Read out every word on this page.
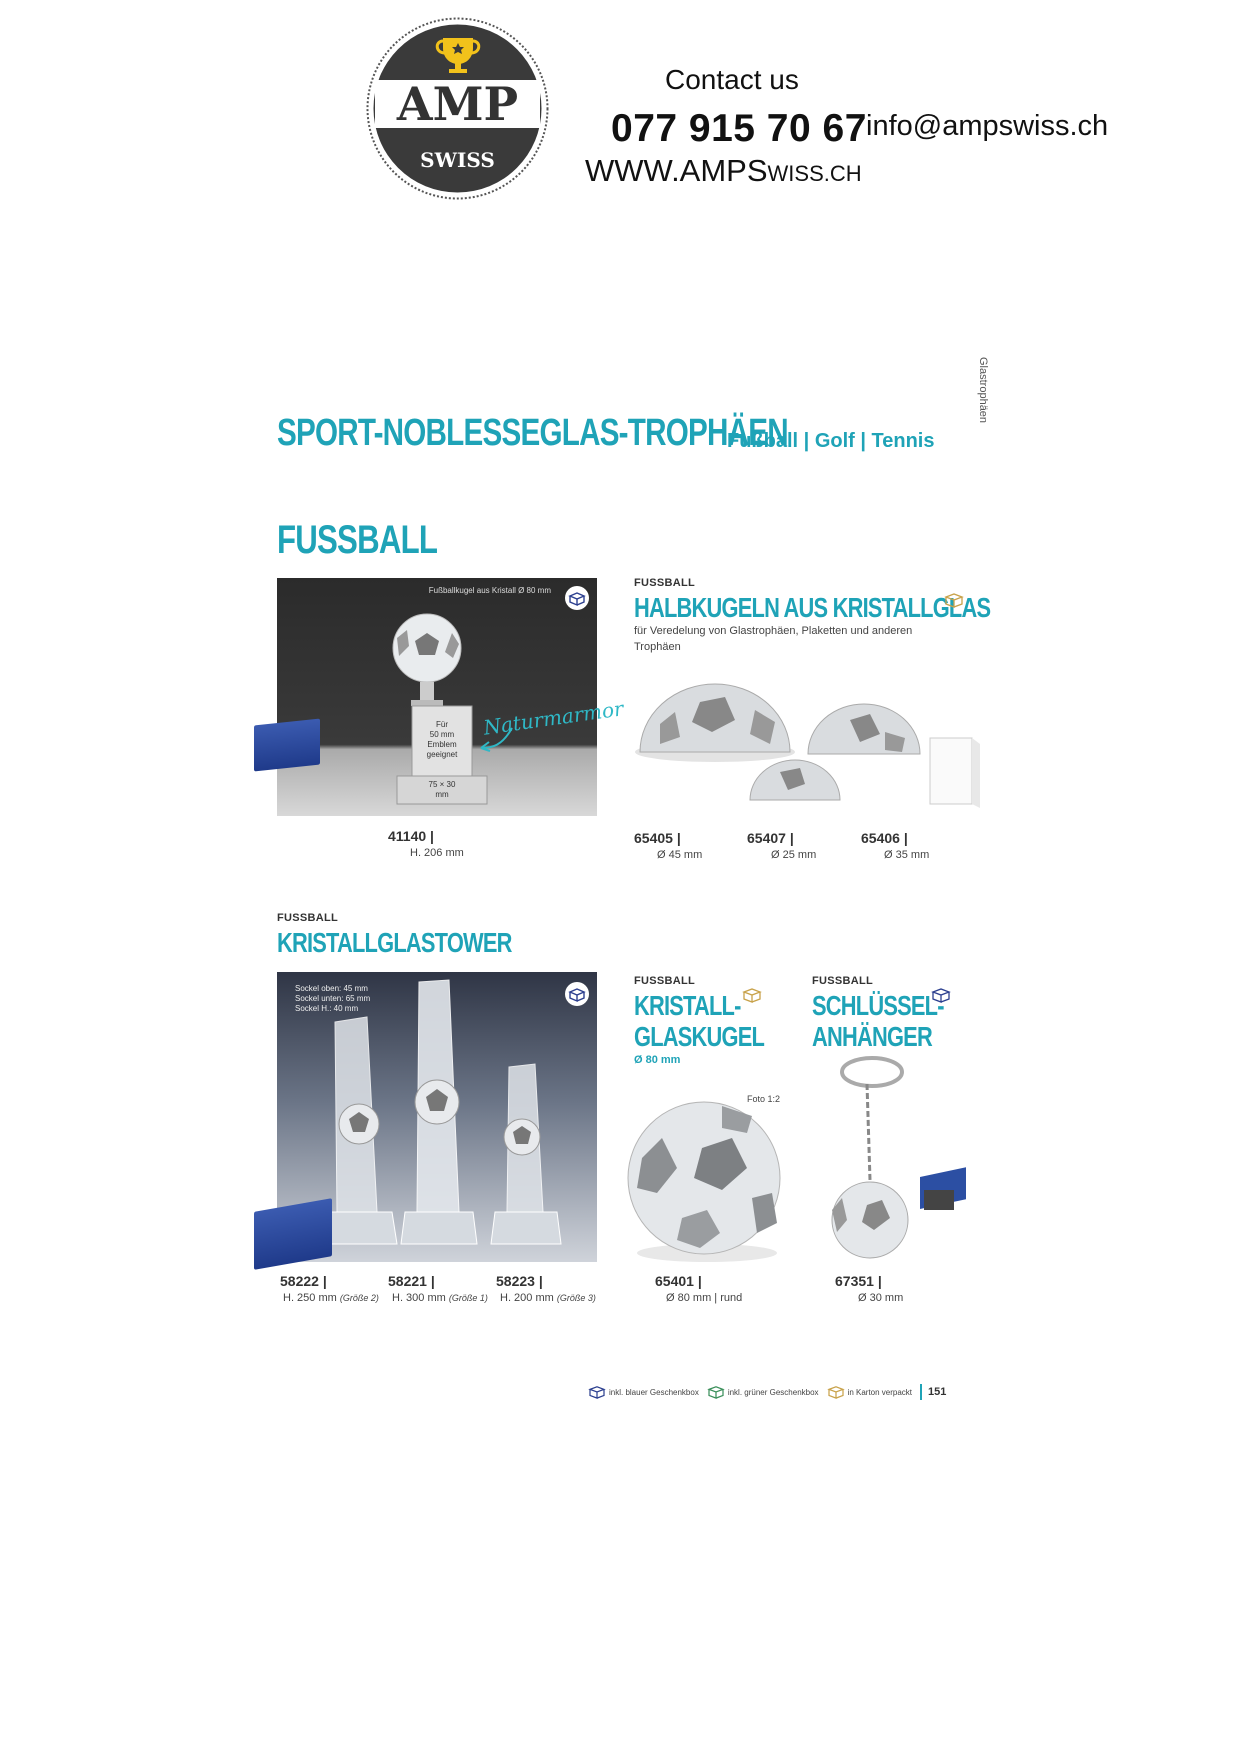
AMP
SWISS
Contact us
077 915 70 67 info@ampswiss.ch
WWW.AMPSWISS.CH
Glastrophäen
SPORT-NOBLESSEGLAS-TROPHÄEN
Fußball | Golf | Tennis
FUSSBALL
Fußballkugel aus Kristall Ø 80 mm
Für
50 mm
Emblem
geeignet
75 × 30
mm
Naturmarmor
41140 |
H. 206 mm
FUSSBALL
HALBKUGELN AUS KRISTALLGLAS
für Veredelung von Glastrophäen, Plaketten und anderen Trophäen
65405 |
Ø 45 mm
65407 |
Ø 25 mm
65406 |
Ø 35 mm
FUSSBALL
KRISTALLGLASTOWER
Sockel oben: 45 mm
Sockel unten: 65 mm
Sockel H.: 40 mm
58222 |
H. 250 mm (Größe 2)
58221 |
H. 300 mm (Größe 1)
58223 |
H. 200 mm (Größe 3)
FUSSBALL
KRISTALL-
GLASKUGEL
Ø 80 mm
Foto 1:2
65401 |
Ø 80 mm | rund
FUSSBALL
SCHLÜSSEL-
ANHÄNGER
67351 |
Ø 30 mm
inkl. blauer Geschenkbox	inkl. grüner Geschenkbox	in Karton verpackt 151
